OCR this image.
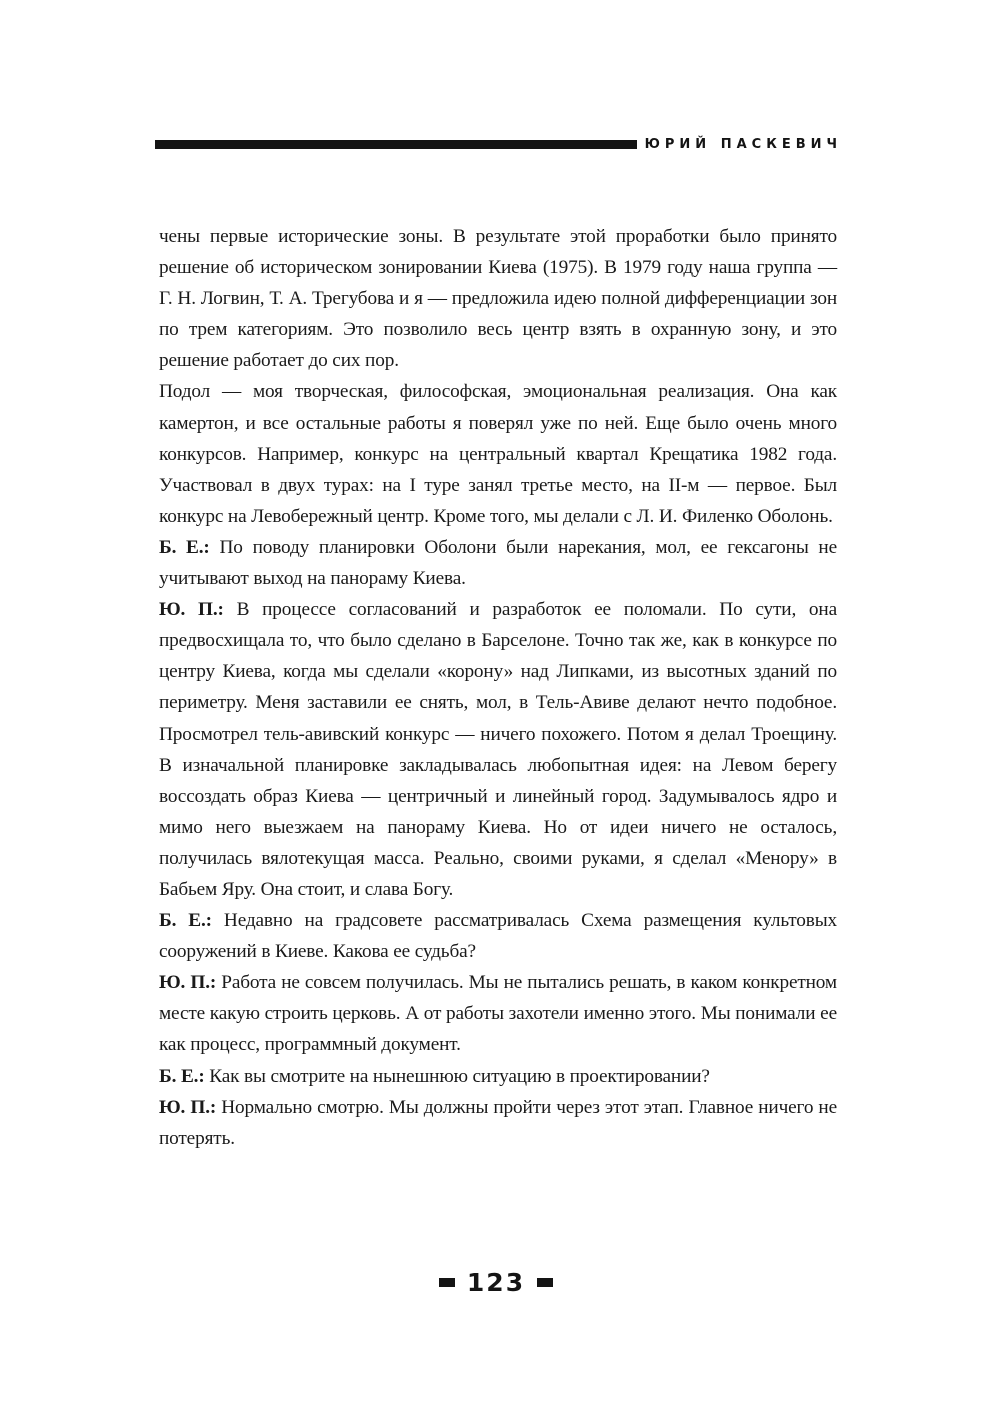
ЮРИЙ ПАСКЕВИЧ

чены первые исторические зоны. В результате этой проработки было принято решение об историческом зонировании Киева (1975). В 1979 году наша группа — Г. Н. Логвин, Т. А. Трегубова и я — предложила идею полной дифференциации зон по трем категориям. Это позволило весь центр взять в охранную зону, и это решение работает до сих пор.

Подол — моя творческая, философская, эмоциональная реализация. Она как камертон, и все остальные работы я поверял уже по ней. Еще было очень много конкурсов. Например, конкурс на центральный квартал Крещатика 1982 года. Участвовал в двух турах: на I туре занял третье место, на II-м — первое. Был конкурс на Левобережный центр. Кроме того, мы делали с Л. И. Филенко Оболонь.

Б. Е.: По поводу планировки Оболони были нарекания, мол, ее гексагоны не учитывают выход на панораму Киева.

Ю. П.: В процессе согласований и разработок ее поломали. По сути, она предвосхищала то, что было сделано в Барселоне. Точно так же, как в конкурсе по центру Киева, когда мы сделали «корону» над Липками, из высотных зданий по периметру. Меня заставили ее снять, мол, в Тель-Авиве делают нечто подобное. Просмотрел тель-авивский конкурс — ничего похожего. Потом я делал Троещину. В изначальной планировке закладывалась любопытная идея: на Левом берегу воссоздать образ Киева — центричный и линейный город. Задумывалось ядро и мимо него выезжаем на панораму Киева. Но от идеи ничего не осталось, получилась вялотекущая масса. Реально, своими руками, я сделал «Менору» в Бабьем Яру. Она стоит, и слава Богу.

Б. Е.: Недавно на градсовете рассматривалась Схема размещения культовых сооружений в Киеве. Какова ее судьба?

Ю. П.: Работа не совсем получилась. Мы не пытались решать, в каком конкретном месте какую строить церковь. А от работы захотели именно этого. Мы понимали ее как процесс, программный документ.

Б. Е.: Как вы смотрите на нынешнюю ситуацию в проектировании?

Ю. П.: Нормально смотрю. Мы должны пройти через этот этап. Главное ничего не потерять.

123
